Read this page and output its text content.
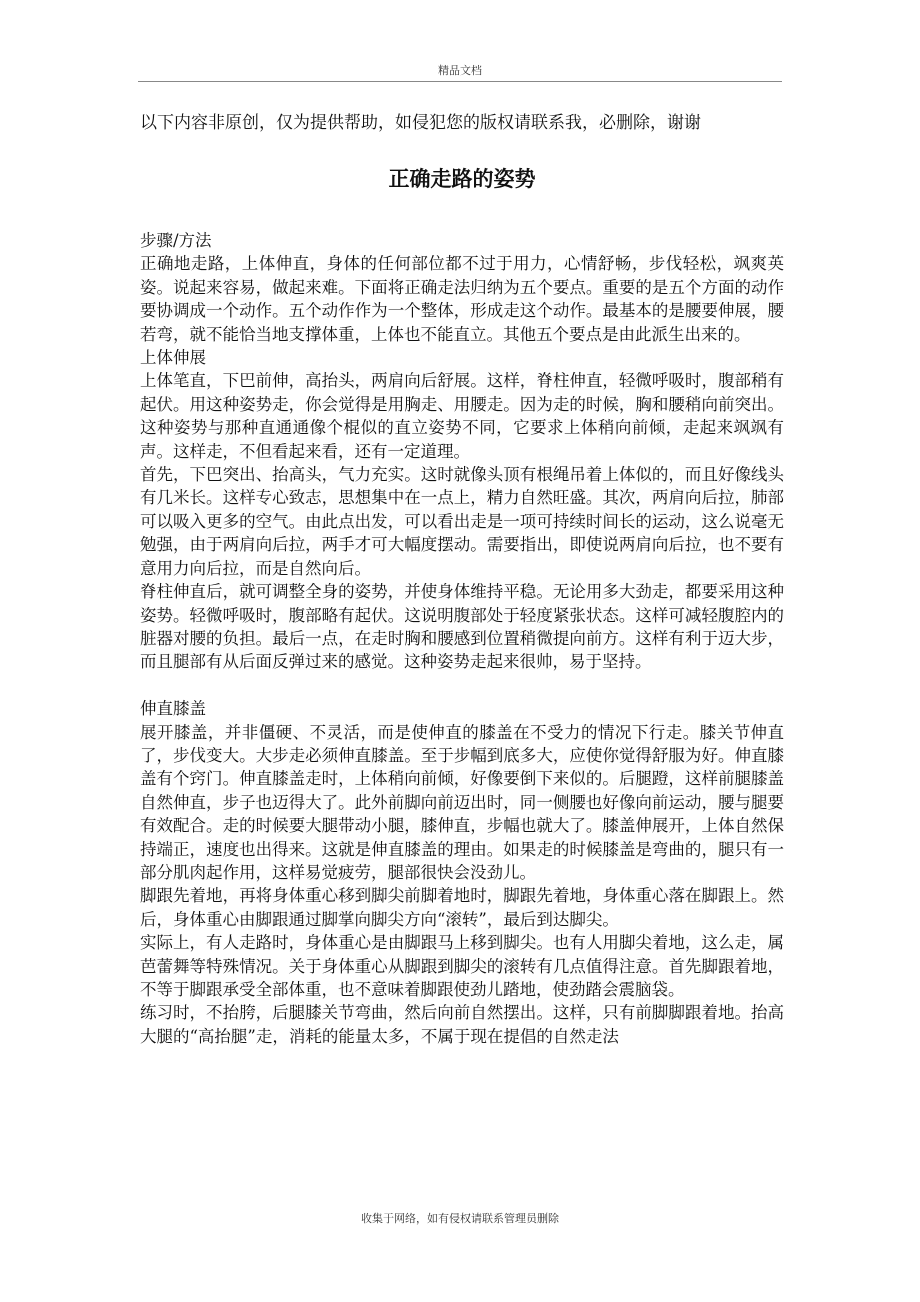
精品文档
以下内容非原创，仅为提供帮助，如侵犯您的版权请联系我，必删除，谢谢
正确走路的姿势

步骤/方法

正确地走路，上体伸直，身体的任何部位都不过于用力，心情舒畅，步伐轻松，飒爽英姿。说起来容易，做起来难。下面将正确走法归纳为五个要点。重要的是五个方面的动作要协调成一个动作。五个动作作为一个整体，形成走这个动作。最基本的是腰要伸展，腰若弯，就不能恰当地支撑体重，上体也不能直立。其他五个要点是由此派生出来的。

上体伸展

上体笔直，下巴前伸，高抬头，两肩向后舒展。这样，脊柱伸直，轻微呼吸时，腹部稍有起伏。用这种姿势走，你会觉得是用胸走、用腰走。因为走的时候，胸和腰稍向前突出。这种姿势与那种直通通像个棍似的直立姿势不同，它要求上体稍向前倾，走起来飒飒有声。这样走，不但看起来看，还有一定道理。

首先，下巴突出、抬高头，气力充实。这时就像头顶有根绳吊着上体似的，而且好像线头有几米长。这样专心致志，思想集中在一点上，精力自然旺盛。其次，两肩向后拉，肺部可以吸入更多的空气。由此点出发，可以看出走是一项可持续时间长的运动，这么说毫无勉强，由于两肩向后拉，两手才可大幅度摆动。需要指出，即使说两肩向后拉，也不要有意用力向后拉，而是自然向后。

脊柱伸直后，就可调整全身的姿势，并使身体维持平稳。无论用多大劲走，都要采用这种姿势。轻微呼吸时，腹部略有起伏。这说明腹部处于轻度紧张状态。这样可减轻腹腔内的脏器对腰的负担。最后一点，在走时胸和腰感到位置稍微提向前方。这样有利于迈大步，而且腿部有从后面反弹过来的感觉。这种姿势走起来很帅，易于坚持。

伸直膝盖

展开膝盖，并非僵硬、不灵活，而是使伸直的膝盖在不受力的情况下行走。膝关节伸直了，步伐变大。大步走必须伸直膝盖。至于步幅到底多大，应使你觉得舒服为好。伸直膝盖有个窍门。伸直膝盖走时，上体稍向前倾，好像要倒下来似的。后腿蹬，这样前腿膝盖自然伸直，步子也迈得大了。此外前脚向前迈出时，同一侧腰也好像向前运动，腰与腿要有效配合。走的时候要大腿带动小腿，膝伸直，步幅也就大了。膝盖伸展开，上体自然保持端正，速度也出得来。这就是伸直膝盖的理由。如果走的时候膝盖是弯曲的，腿只有一部分肌肉起作用，这样易觉疲劳，腿部很快会没劲儿。

脚跟先着地，再将身体重心移到脚尖前脚着地时，脚跟先着地，身体重心落在脚跟上。然后，身体重心由脚跟通过脚掌向脚尖方向“滚转”，最后到达脚尖。

实际上，有人走路时，身体重心是由脚跟马上移到脚尖。也有人用脚尖着地，这么走，属芭蕾舞等特殊情况。关于身体重心从脚跟到脚尖的滚转有几点值得注意。首先脚跟着地，不等于脚跟承受全部体重，也不意味着脚跟使劲儿踏地，使劲踏会震脑袋。

练习时，不抬胯，后腿膝关节弯曲，然后向前自然摆出。这样，只有前脚脚跟着地。抬高大腿的“高抬腿”走，消耗的能量太多，不属于现在提倡的自然走法

收集于网络，如有侵权请联系管理员删除
